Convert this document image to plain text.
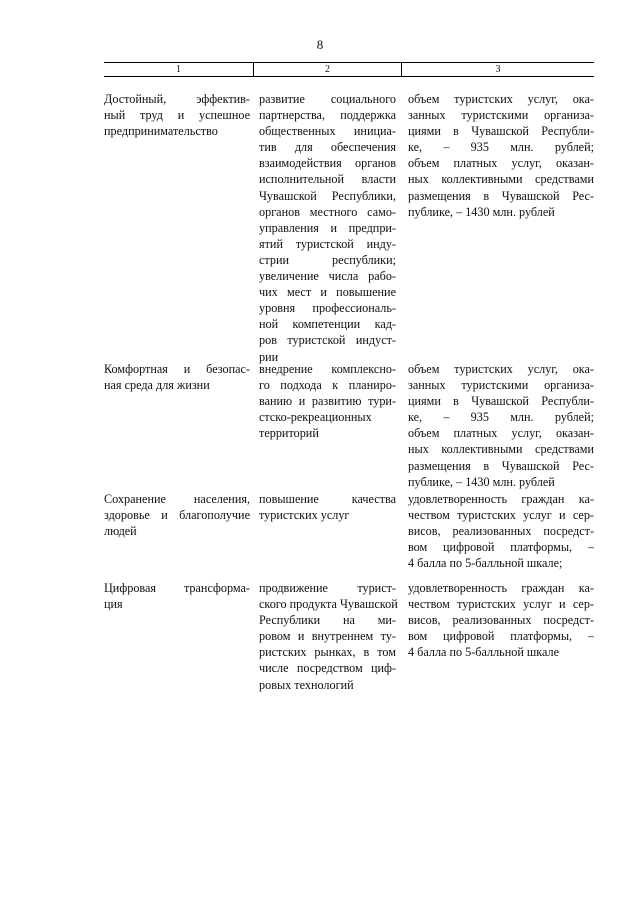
8
1	2	3
Достойный, эффектив-
ный труд и успешное
предпринимательство
развитие социального
партнерства, поддержка
общественных инициа-
тив для обеспечения
взаимодействия органов
исполнительной власти
Чувашской Республики,
органов местного само-
управления и предпри-
ятий туристской инду-
стрии республики;
увеличение числа рабо-
чих мест и повышение
уровня профессиональ-
ной компетенции кад-
ров туристской индуст-
рии
объем туристских услуг, ока-
занных туристскими организа-
циями в Чувашской Республи-
ке, – 935 млн. рублей;
объем платных услуг, оказан-
ных коллективными средствами
размещения в Чувашской Рес-
публике, – 1430 млн. рублей
Комфортная и безопас-
ная среда для жизни
внедрение комплексно-
го подхода к планиро-
ванию и развитию тури-
стско-рекреационных
территорий
объем туристских услуг, ока-
занных туристскими организа-
циями в Чувашской Республи-
ке, – 935 млн. рублей;
объем платных услуг, оказан-
ных коллективными средствами
размещения в Чувашской Рес-
публике, – 1430 млн. рублей
Сохранение населения,
здоровье и благополучие
людей
повышение качества
туристских услуг
удовлетворенность граждан ка-
чеством туристских услуг и сер-
висов, реализованных посредст-
вом цифровой платформы, –
4 балла по 5-балльной шкале;
Цифровая трансформа-
ция
продвижение турист-
ского продукта Чувашской
Республики на ми-
ровом и внутреннем ту-
ристских рынках, в том
числе посредством циф-
ровых технологий
удовлетворенность граждан ка-
чеством туристских услуг и сер-
висов, реализованных посредст-
вом цифровой платформы, –
4 балла по 5-балльной шкале
